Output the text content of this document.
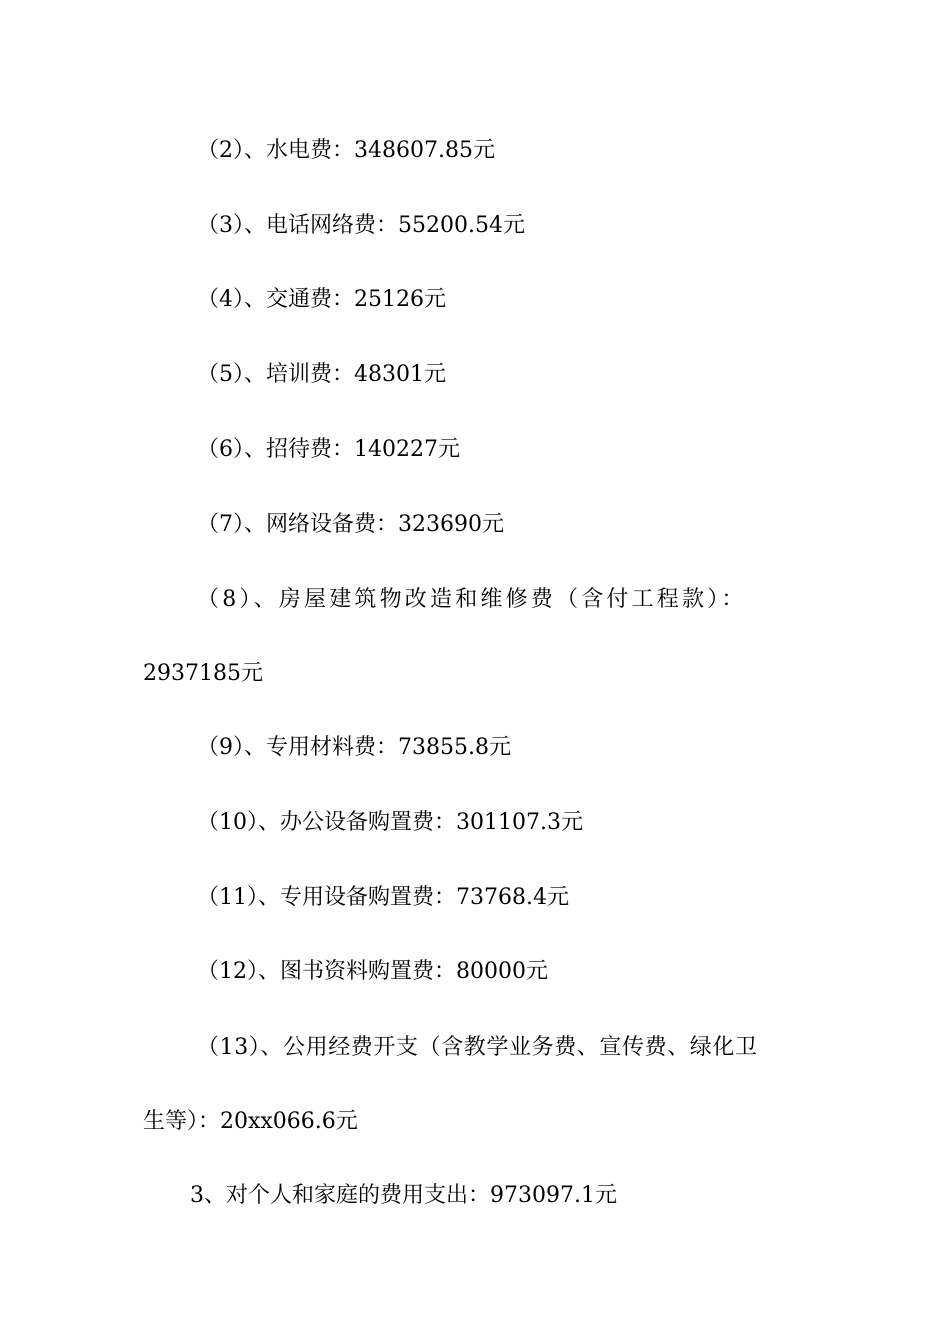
（2）、水电费：348607.85元
（3）、电话网络费：55200.54元
（4）、交通费：25126元
（5）、培训费：48301元
（6）、招待费：140227元
（7）、网络设备费：323690元
（8）、房屋建筑物改造和维修费（含付工程款）：
2937185元
（9）、专用材料费：73855.8元
（10）、办公设备购置费：301107.3元
（11）、专用设备购置费：73768.4元
（12）、图书资料购置费：80000元
（13）、公用经费开支（含教学业务费、宣传费、绿化卫
生等）：20xx066.6元
3、对个人和家庭的费用支出：973097.1元
